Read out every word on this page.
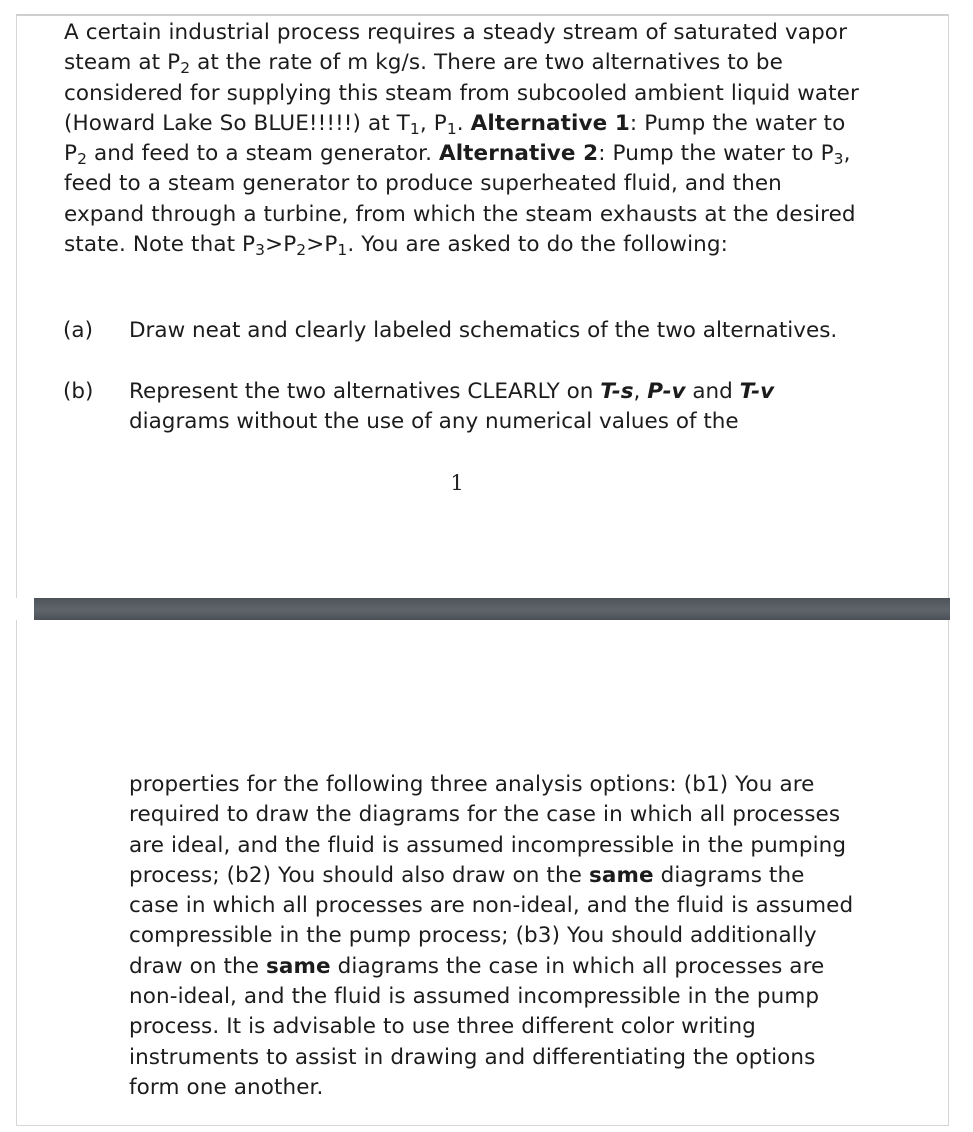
A certain industrial process requires a steady stream of saturated vapor steam at P2 at the rate of m kg/s. There are two alternatives to be considered for supplying this steam from subcooled ambient liquid water (Howard Lake So BLUE!!!!!) at T1, P1. Alternative 1: Pump the water to P2 and feed to a steam generator. Alternative 2: Pump the water to P3, feed to a steam generator to produce superheated fluid, and then expand through a turbine, from which the steam exhausts at the desired state. Note that P3>P2>P1. You are asked to do the following:

(a) Draw neat and clearly labeled schematics of the two alternatives.
(b) Represent the two alternatives CLEARLY on T-s, P-v and T-v diagrams without the use of any numerical values of the
1

properties for the following three analysis options: (b1) You are required to draw the diagrams for the case in which all processes are ideal, and the fluid is assumed incompressible in the pumping process; (b2) You should also draw on the same diagrams the case in which all processes are non-ideal, and the fluid is assumed compressible in the pump process; (b3) You should additionally draw on the same diagrams the case in which all processes are non-ideal, and the fluid is assumed incompressible in the pump process. It is advisable to use three different color writing instruments to assist in drawing and differentiating the options form one another.
